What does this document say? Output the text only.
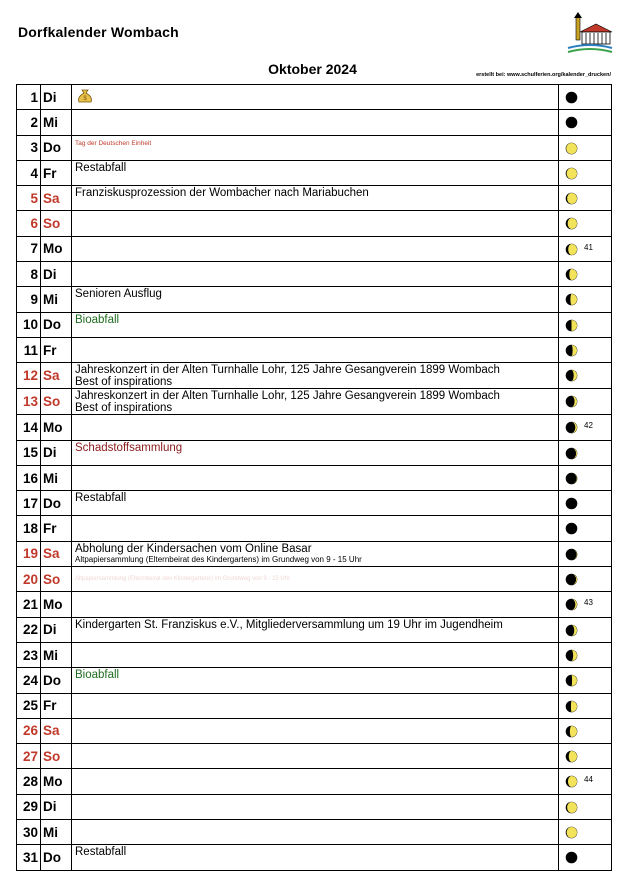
Dorfkalender Wombach
Oktober 2024	erstellt bei: www.schulferien.org/kalender_drucken/
1	Di	$

2	Mi		

3	Do	Tag der Deutschen Einheit

4	Fr	Restabfall

5	Sa	Franziskusprozession der Wombacher nach Mariabuchen

6	So		

7	Mo		41

8	Di		

9	Mi	Senioren Ausflug

10	Do	Bioabfall

11	Fr		

12	Sa	Jahreskonzert in der Alten Turnhalle Lohr, 125 Jahre Gesangverein 1899 Wombach
Best of inspirations

13	So	Jahreskonzert in der Alten Turnhalle Lohr, 125 Jahre Gesangverein 1899 Wombach
Best of inspirations

14	Mo		42

15	Di	Schadstoffsammlung

16	Mi		

17	Do	Restabfall

18	Fr		

19	Sa	Abholung der Kindersachen vom Online Basar
Altpapiersammlung (Elternbeirat des Kindergartens) im Grundweg von 9 - 15 Uhr

20	So	Altpapiersammlung (Elternbeirat des Kindergartens) im Grundweg von 9 - 15 Uhr

21	Mo		43

22	Di	Kindergarten St. Franziskus e.V., Mitgliederversammlung um 19 Uhr im Jugendheim

23	Mi		

24	Do	Bioabfall

25	Fr		

26	Sa		

27	So		

28	Mo		44

29	Di		

30	Mi		

31	Do	Restabfall
